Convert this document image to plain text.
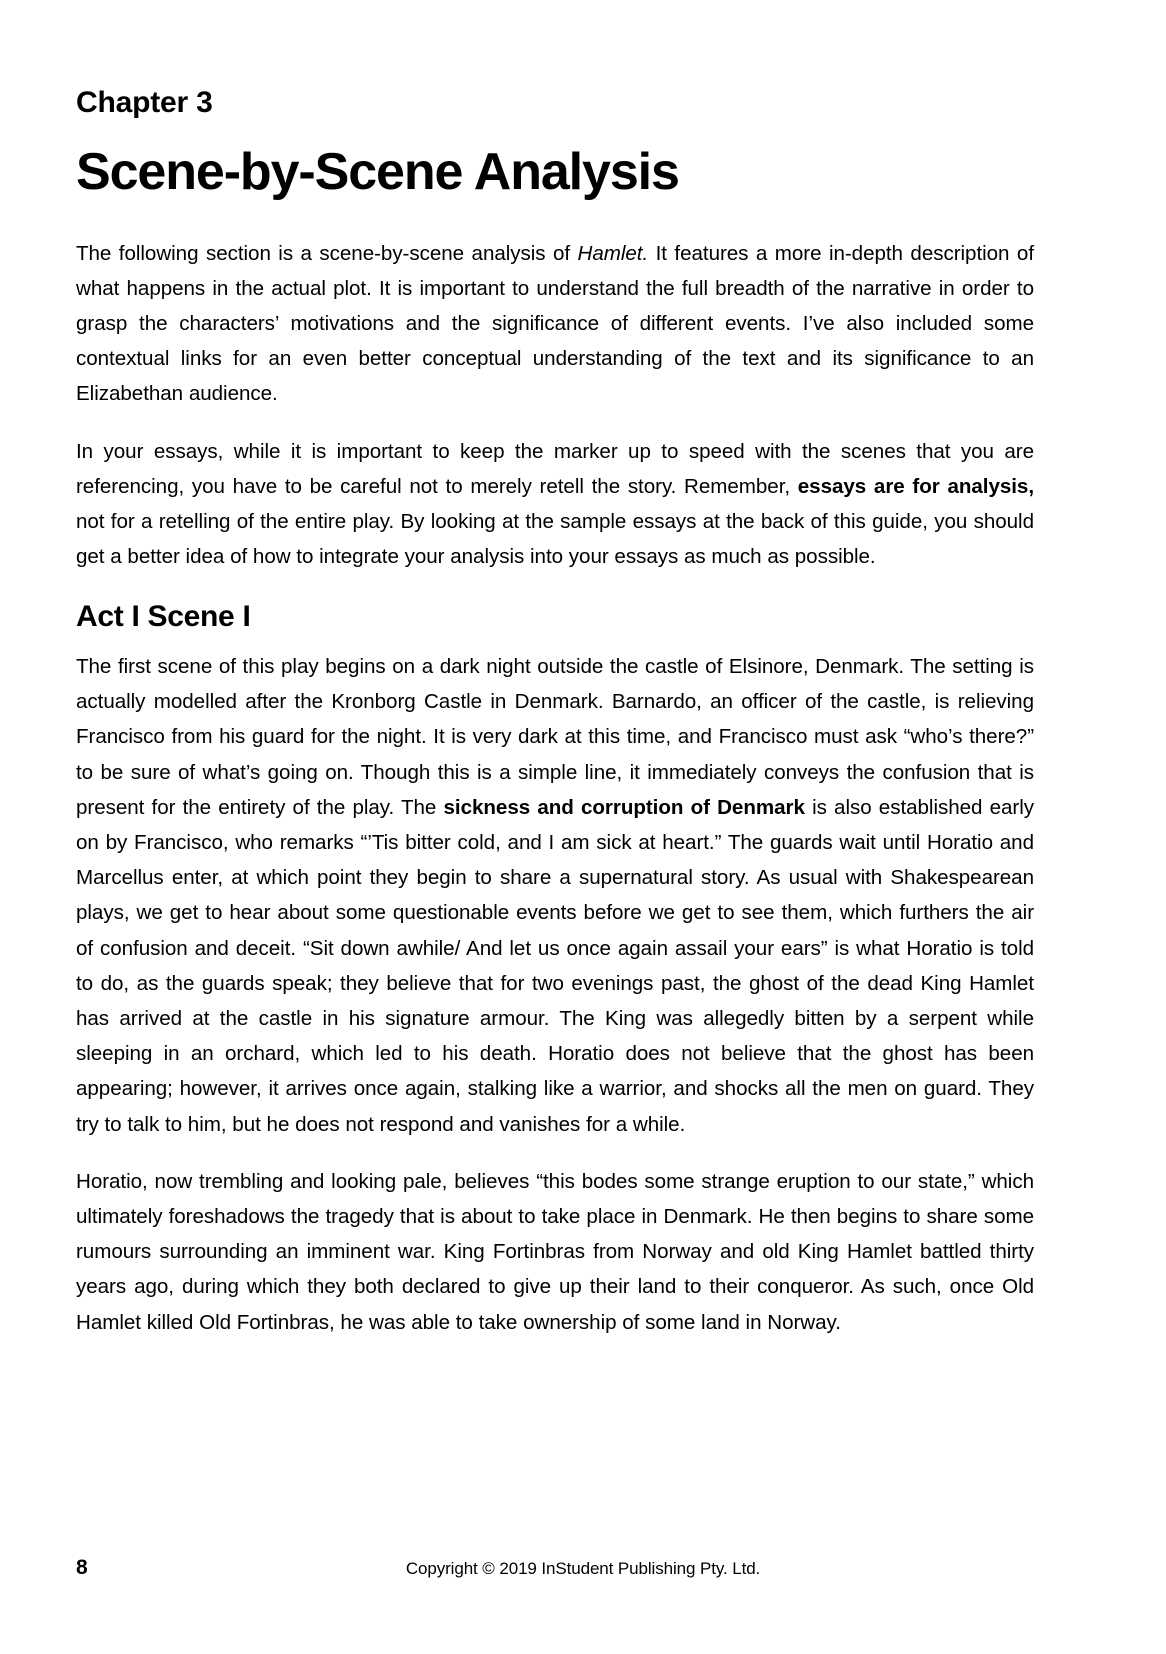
Chapter 3
Scene-by-Scene Analysis

The following section is a scene-by-scene analysis of Hamlet. It features a more in-depth description of what happens in the actual plot. It is important to understand the full breadth of the narrative in order to grasp the characters’ motivations and the significance of different events. I’ve also included some contextual links for an even better conceptual understanding of the text and its significance to an Elizabethan audience.

In your essays, while it is important to keep the marker up to speed with the scenes that you are referencing, you have to be careful not to merely retell the story. Remember, essays are for analysis, not for a retelling of the entire play. By looking at the sample essays at the back of this guide, you should get a better idea of how to integrate your analysis into your essays as much as possible.

Act I Scene I

The first scene of this play begins on a dark night outside the castle of Elsinore, Denmark. The setting is actually modelled after the Kronborg Castle in Denmark. Barnardo, an officer of the castle, is relieving Francisco from his guard for the night. It is very dark at this time, and Francisco must ask “who’s there?” to be sure of what’s going on. Though this is a simple line, it immediately conveys the confusion that is present for the entirety of the play. The sickness and corruption of Denmark is also established early on by Francisco, who remarks “’Tis bitter cold, and I am sick at heart.” The guards wait until Horatio and Marcellus enter, at which point they begin to share a supernatural story. As usual with Shakespearean plays, we get to hear about some questionable events before we get to see them, which furthers the air of confusion and deceit. “Sit down awhile/ And let us once again assail your ears” is what Horatio is told to do, as the guards speak; they believe that for two evenings past, the ghost of the dead King Hamlet has arrived at the castle in his signature armour. The King was allegedly bitten by a serpent while sleeping in an orchard, which led to his death. Horatio does not believe that the ghost has been appearing; however, it arrives once again, stalking like a warrior, and shocks all the men on guard. They try to talk to him, but he does not respond and vanishes for a while.

Horatio, now trembling and looking pale, believes “this bodes some strange eruption to our state,” which ultimately foreshadows the tragedy that is about to take place in Denmark. He then begins to share some rumours surrounding an imminent war. King Fortinbras from Norway and old King Hamlet battled thirty years ago, during which they both declared to give up their land to their conqueror. As such, once Old Hamlet killed Old Fortinbras, he was able to take ownership of some land in Norway.

8	Copyright © 2019 InStudent Publishing Pty. Ltd.
